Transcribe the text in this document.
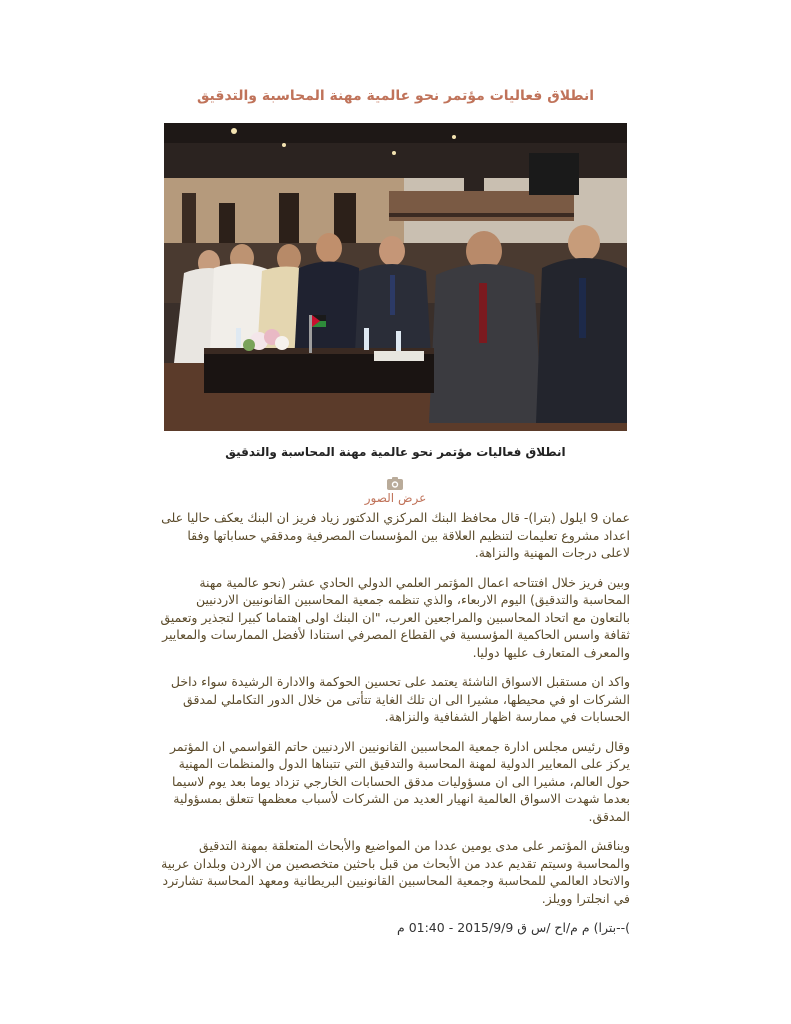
انطلاق فعاليات مؤتمر نحو عالمية مهنة المحاسبة والتدقيق
انطلاق فعاليات مؤتمر نحو عالمية مهنة المحاسبة والتدقيق
عرض الصور

عمان 9 ايلول (بترا)- قال محافظ البنك المركزي الدكتور زياد فريز ان البنك يعكف حاليا على اعداد مشروع تعليمات لتنظيم العلاقة بين المؤسسات المصرفية ومدققي حساباتها وفقا لاعلى درجات المهنية والنزاهة.

وبين فريز خلال افتتاحه اعمال المؤتمر العلمي الدولي الحادي عشر (نحو عالمية مهنة المحاسبة والتدقيق) اليوم الاربعاء، والذي تنظمه جمعية المحاسبين القانونيين الاردنيين بالتعاون مع اتحاد المحاسبين والمراجعين العرب، "ان البنك اولى اهتماما كبيرا لتجذير وتعميق ثقافة واسس الحاكمية المؤسسية في القطاع المصرفي استنادا لأفضل الممارسات والمعايير والمعرف المتعارف عليها دوليا.

واكد ان مستقبل الاسواق الناشئة يعتمد على تحسين الحوكمة والادارة الرشيدة سواء داخل الشركات او في محيطها، مشيرا الى ان تلك الغاية تتأتى من خلال الدور التكاملي لمدقق الحسابات في ممارسة اظهار الشفافية والنزاهة.

وقال رئيس مجلس ادارة جمعية المحاسبين القانونيين الاردنيين حاتم القواسمي ان المؤتمر يركز على المعايير الدولية لمهنة المحاسبة والتدقيق التي تتبناها الدول والمنظمات المهنية حول العالم، مشيرا الى ان مسؤوليات مدقق الحسابات الخارجي تزداد يوما بعد يوم لاسيما بعدما شهدت الاسواق العالمية انهيار العديد من الشركات لأسباب معظمها تتعلق بمسؤولية المدقق.

ويناقش المؤتمر على مدى يومين عددا من المواضيع والأبحاث المتعلقة بمهنة التدقيق والمحاسبة وسيتم تقديم عدد من الأبحاث من قبل باحثين متخصصين من الاردن وبلدان عربية والاتحاد العالمي للمحاسبة وجمعية المحاسبين القانونيين البريطانية ومعهد المحاسبة تشارترد في انجلترا وويلز.

)--بترا) م م/اح /س ق 2015/9/9 - 01:40 م
